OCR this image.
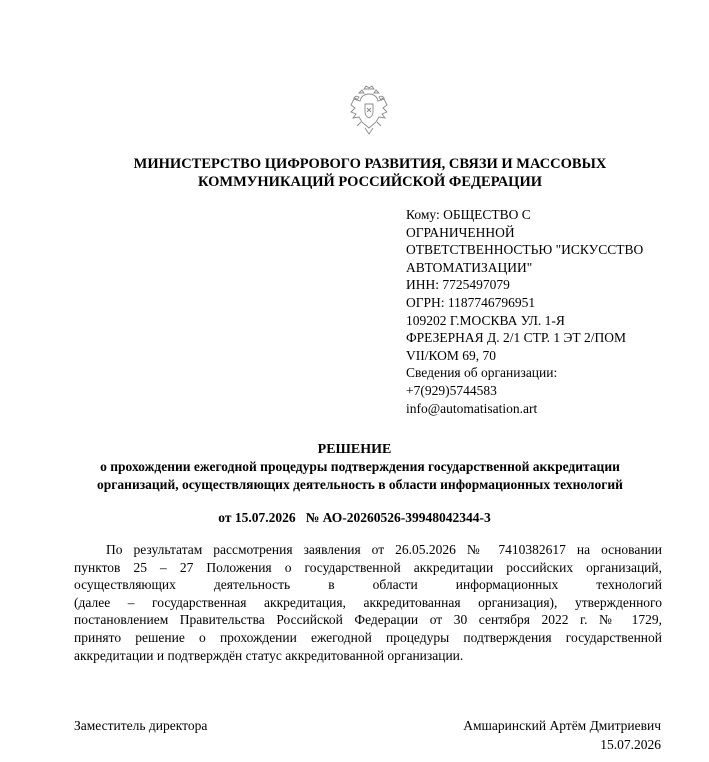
МИНИСТЕРСТВО ЦИФРОВОГО РАЗВИТИЯ, СВЯЗИ И МАССОВЫХ
КОММУНИКАЦИЙ РОССИЙСКОЙ ФЕДЕРАЦИИ
Кому: ОБЩЕСТВО С
ОГРАНИЧЕННОЙ
ОТВЕТСТВЕННОСТЬЮ "ИСКУССТВО
АВТОМАТИЗАЦИИ"
ИНН: 7725497079
ОГРН: 1187746796951
109202 Г.МОСКВА УЛ. 1-Я
ФРЕЗЕРНАЯ Д. 2/1 СТР. 1 ЭТ 2/ПОМ
VII/КОМ 69, 70
Сведения об организации:
+7(929)5744583
info@automatisation.art
РЕШЕНИЕ
о прохождении ежегодной процедуры подтверждения государственной аккредитации
организаций, осуществляющих деятельность в области информационных технологий
от 15.07.2026   № АО-20260526-39948042344-3
По результатам рассмотрения заявления от 26.05.2026 № 7410382617 на основании
пунктов 25 – 27 Положения о государственной аккредитации российских организаций,
осуществляющих деятельность в области информационных технологий
(далее – государственная аккредитация, аккредитованная организация), утвержденного
постановлением Правительства Российской Федерации от 30 сентября 2022 г. № 1729,
принято решение о прохождении ежегодной процедуры подтверждения государственной
аккредитации и подтверждён статус аккредитованной организации.
Заместитель директора	Амшаринский Артём Дмитриевич
15.07.2026
